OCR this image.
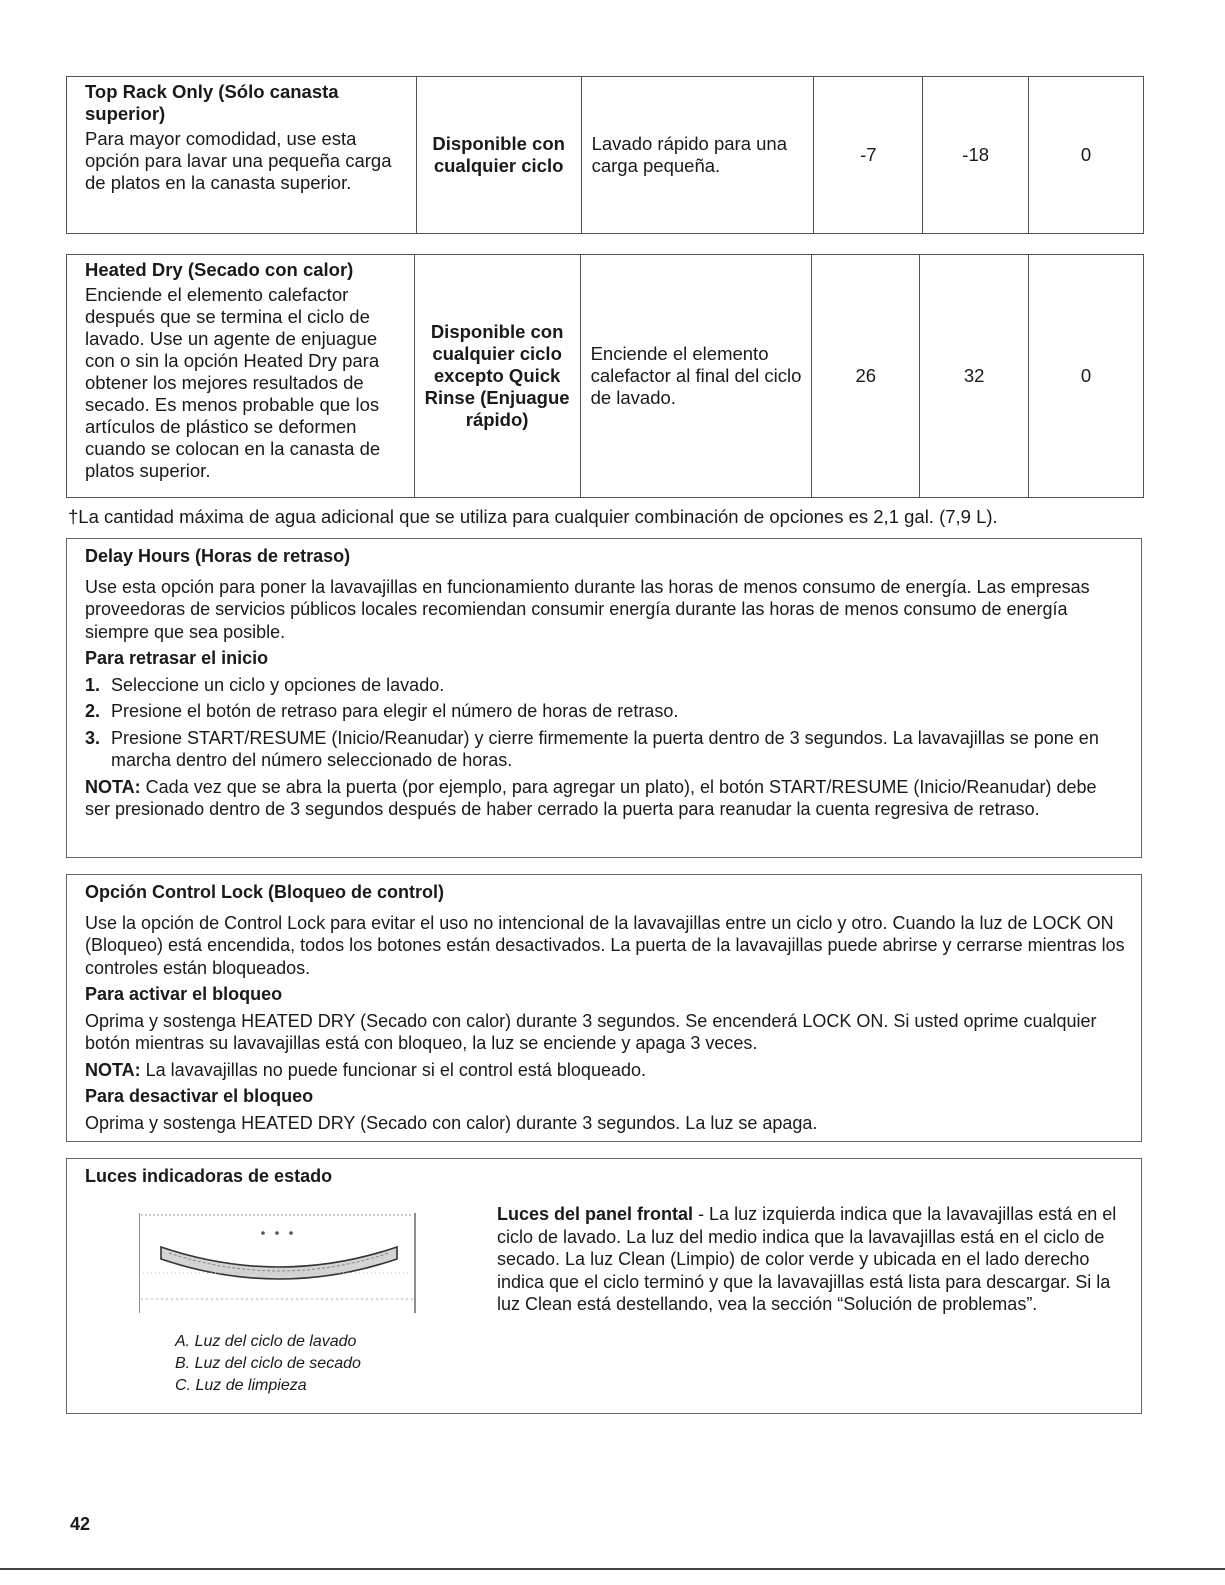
Top Rack Only (Sólo canasta superior)
Para mayor comodidad, use esta opción para lavar una pequeña carga de platos en la canasta superior.
	Disponible con cualquier ciclo	Lavado rápido para una carga pequeña.	-7	-18	0
Heated Dry (Secado con calor)
Enciende el elemento calefactor después que se termina el ciclo de lavado. Use un agente de enjuague con o sin la opción Heated Dry para obtener los mejores resultados de secado. Es menos probable que los artículos de plástico se deformen cuando se colocan en la canasta de platos superior.
	Disponible con cualquier ciclo excepto Quick Rinse (Enjuague rápido)	Enciende el elemento calefactor al final del ciclo de lavado.	26	32	0
†La cantidad máxima de agua adicional que se utiliza para cualquier combinación de opciones es 2,1 gal. (7,9 L).
Delay Hours (Horas de retraso)

Use esta opción para poner la lavavajillas en funcionamiento durante las horas de menos consumo de energía. Las empresas proveedoras de servicios públicos locales recomiendan consumir energía durante las horas de menos consumo de energía siempre que sea posible.

Para retrasar el inicio
1. Seleccione un ciclo y opciones de lavado.
2. Presione el botón de retraso para elegir el número de horas de retraso.
3. Presione START/RESUME (Inicio/Reanudar) y cierre firmemente la puerta dentro de 3 segundos. La lavavajillas se pone en marcha dentro del número seleccionado de horas.

NOTA: Cada vez que se abra la puerta (por ejemplo, para agregar un plato), el botón START/RESUME (Inicio/Reanudar) debe ser presionado dentro de 3 segundos después de haber cerrado la puerta para reanudar la cuenta regresiva de retraso.

Opción Control Lock (Bloqueo de control)

Use la opción de Control Lock para evitar el uso no intencional de la lavavajillas entre un ciclo y otro. Cuando la luz de LOCK ON (Bloqueo) está encendida, todos los botones están desactivados. La puerta de la lavavajillas puede abrirse y cerrarse mientras los controles están bloqueados.

Para activar el bloqueo

Oprima y sostenga HEATED DRY (Secado con calor) durante 3 segundos. Se encenderá LOCK ON. Si usted oprime cualquier botón mientras su lavavajillas está con bloqueo, la luz se enciende y apaga 3 veces.

NOTA: La lavavajillas no puede funcionar si el control está bloqueado.

Para desactivar el bloqueo

Oprima y sostenga HEATED DRY (Secado con calor) durante 3 segundos. La luz se apaga.

Luces indicadoras de estado
A. Luz del ciclo de lavado
B. Luz del ciclo de secado
C. Luz de limpieza
Luces del panel frontal - La luz izquierda indica que la lavavajillas está en el ciclo de lavado. La luz del medio indica que la lavavajillas está en el ciclo de secado. La luz Clean (Limpio) de color verde y ubicada en el lado derecho indica que el ciclo terminó y que la lavavajillas está lista para descargar. Si la luz Clean está destellando, vea la sección “Solución de problemas”.
42
